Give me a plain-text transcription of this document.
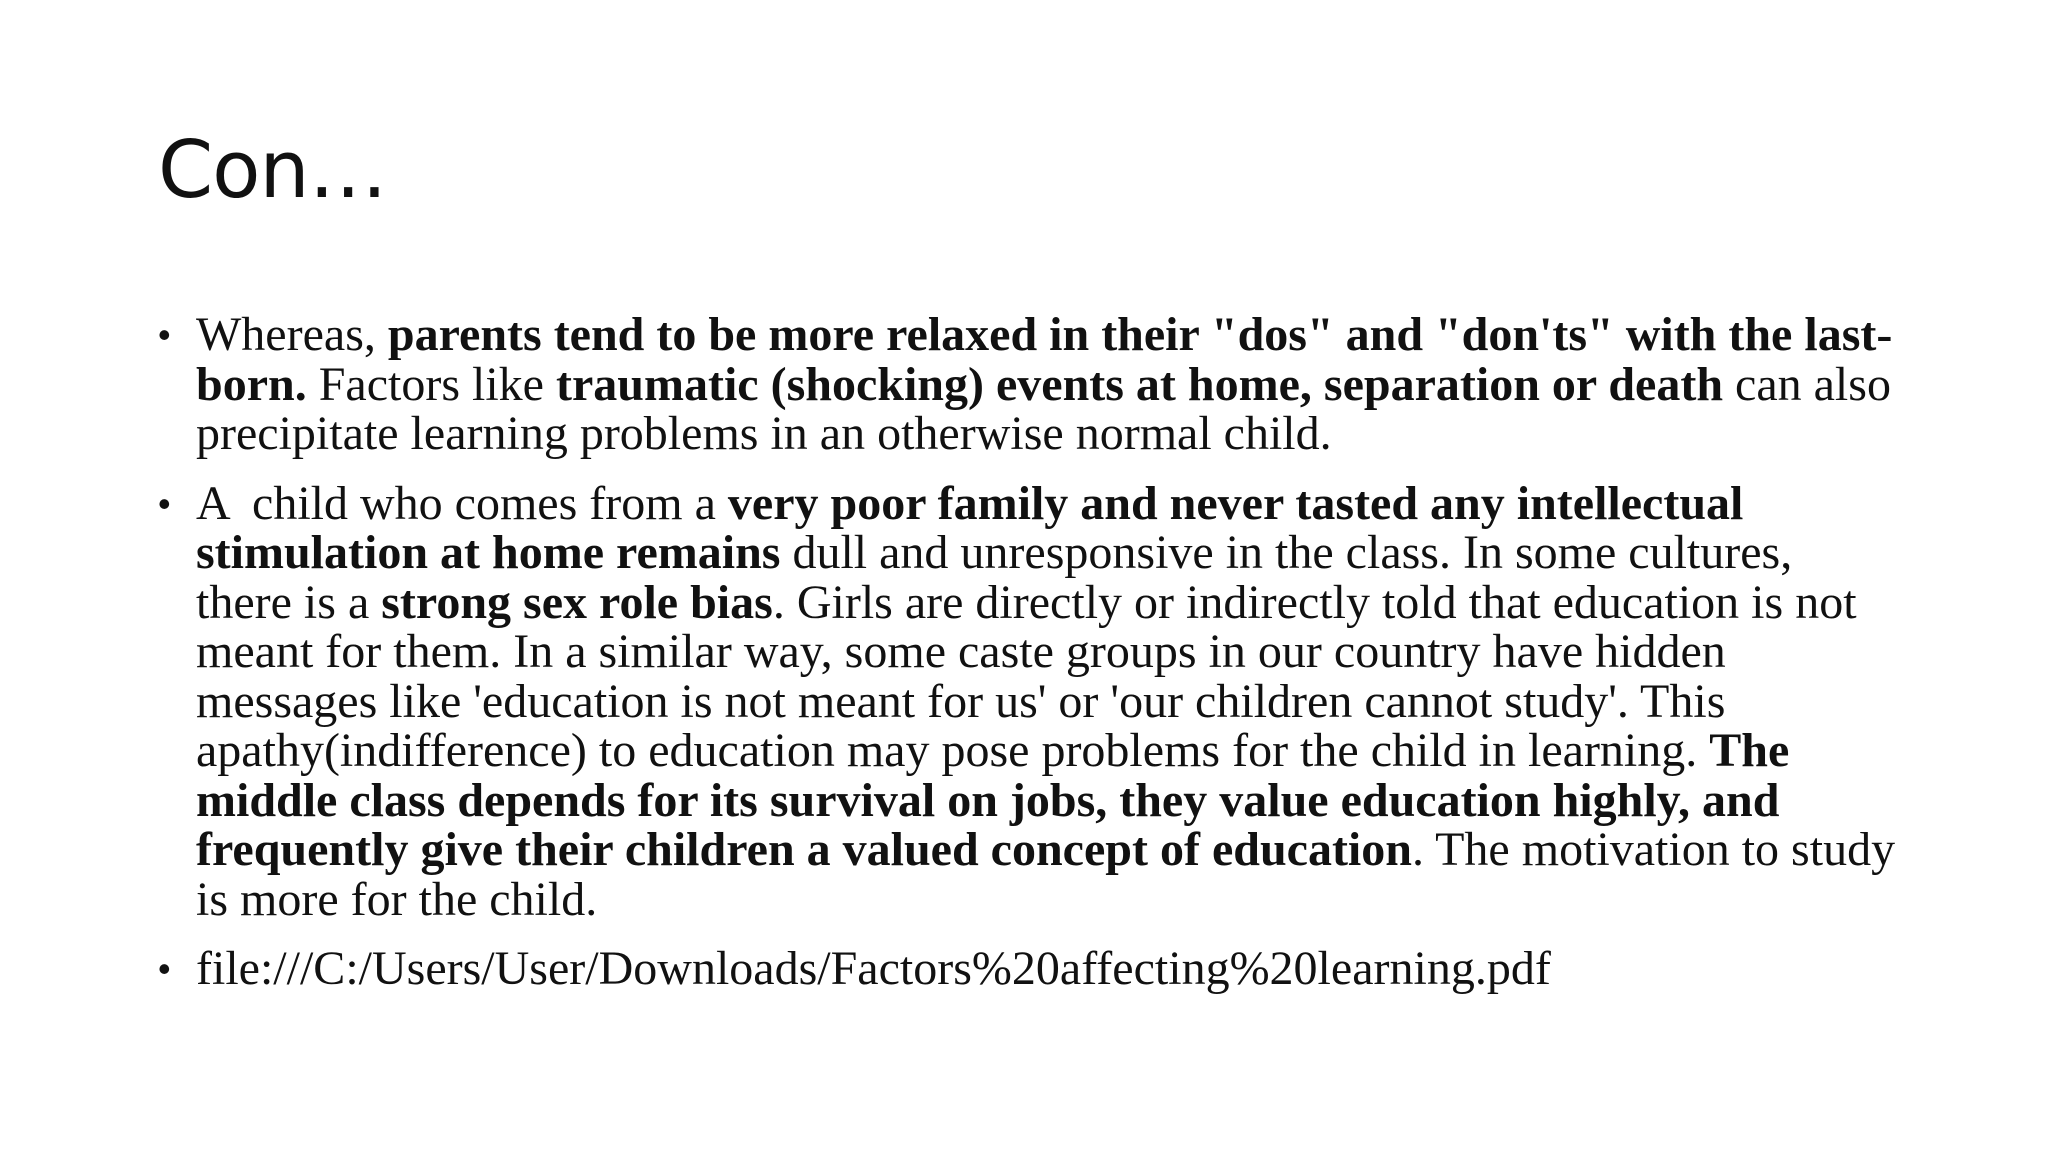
Con…
• Whereas, parents tend to be more relaxed in their "dos" and "don'ts" with the last-born. Factors like traumatic (shocking) events at home, separation or death can also precipitate learning problems in an otherwise normal child.
• A  child who comes from a very poor family and never tasted any intellectual stimulation at home remains dull and unresponsive in the class. In some cultures, there is a strong sex role bias. Girls are directly or indirectly told that education is not meant for them. In a similar way, some caste groups in our country have hidden messages like 'education is not meant for us' or 'our children cannot study'. This apathy(indifference) to education may pose problems for the child in learning. The middle class depends for its survival on jobs, they value education highly, and frequently give their children a valued concept of education. The motivation to study is more for the child.
• file:///C:/Users/User/Downloads/Factors%20affecting%20learning.pdf
